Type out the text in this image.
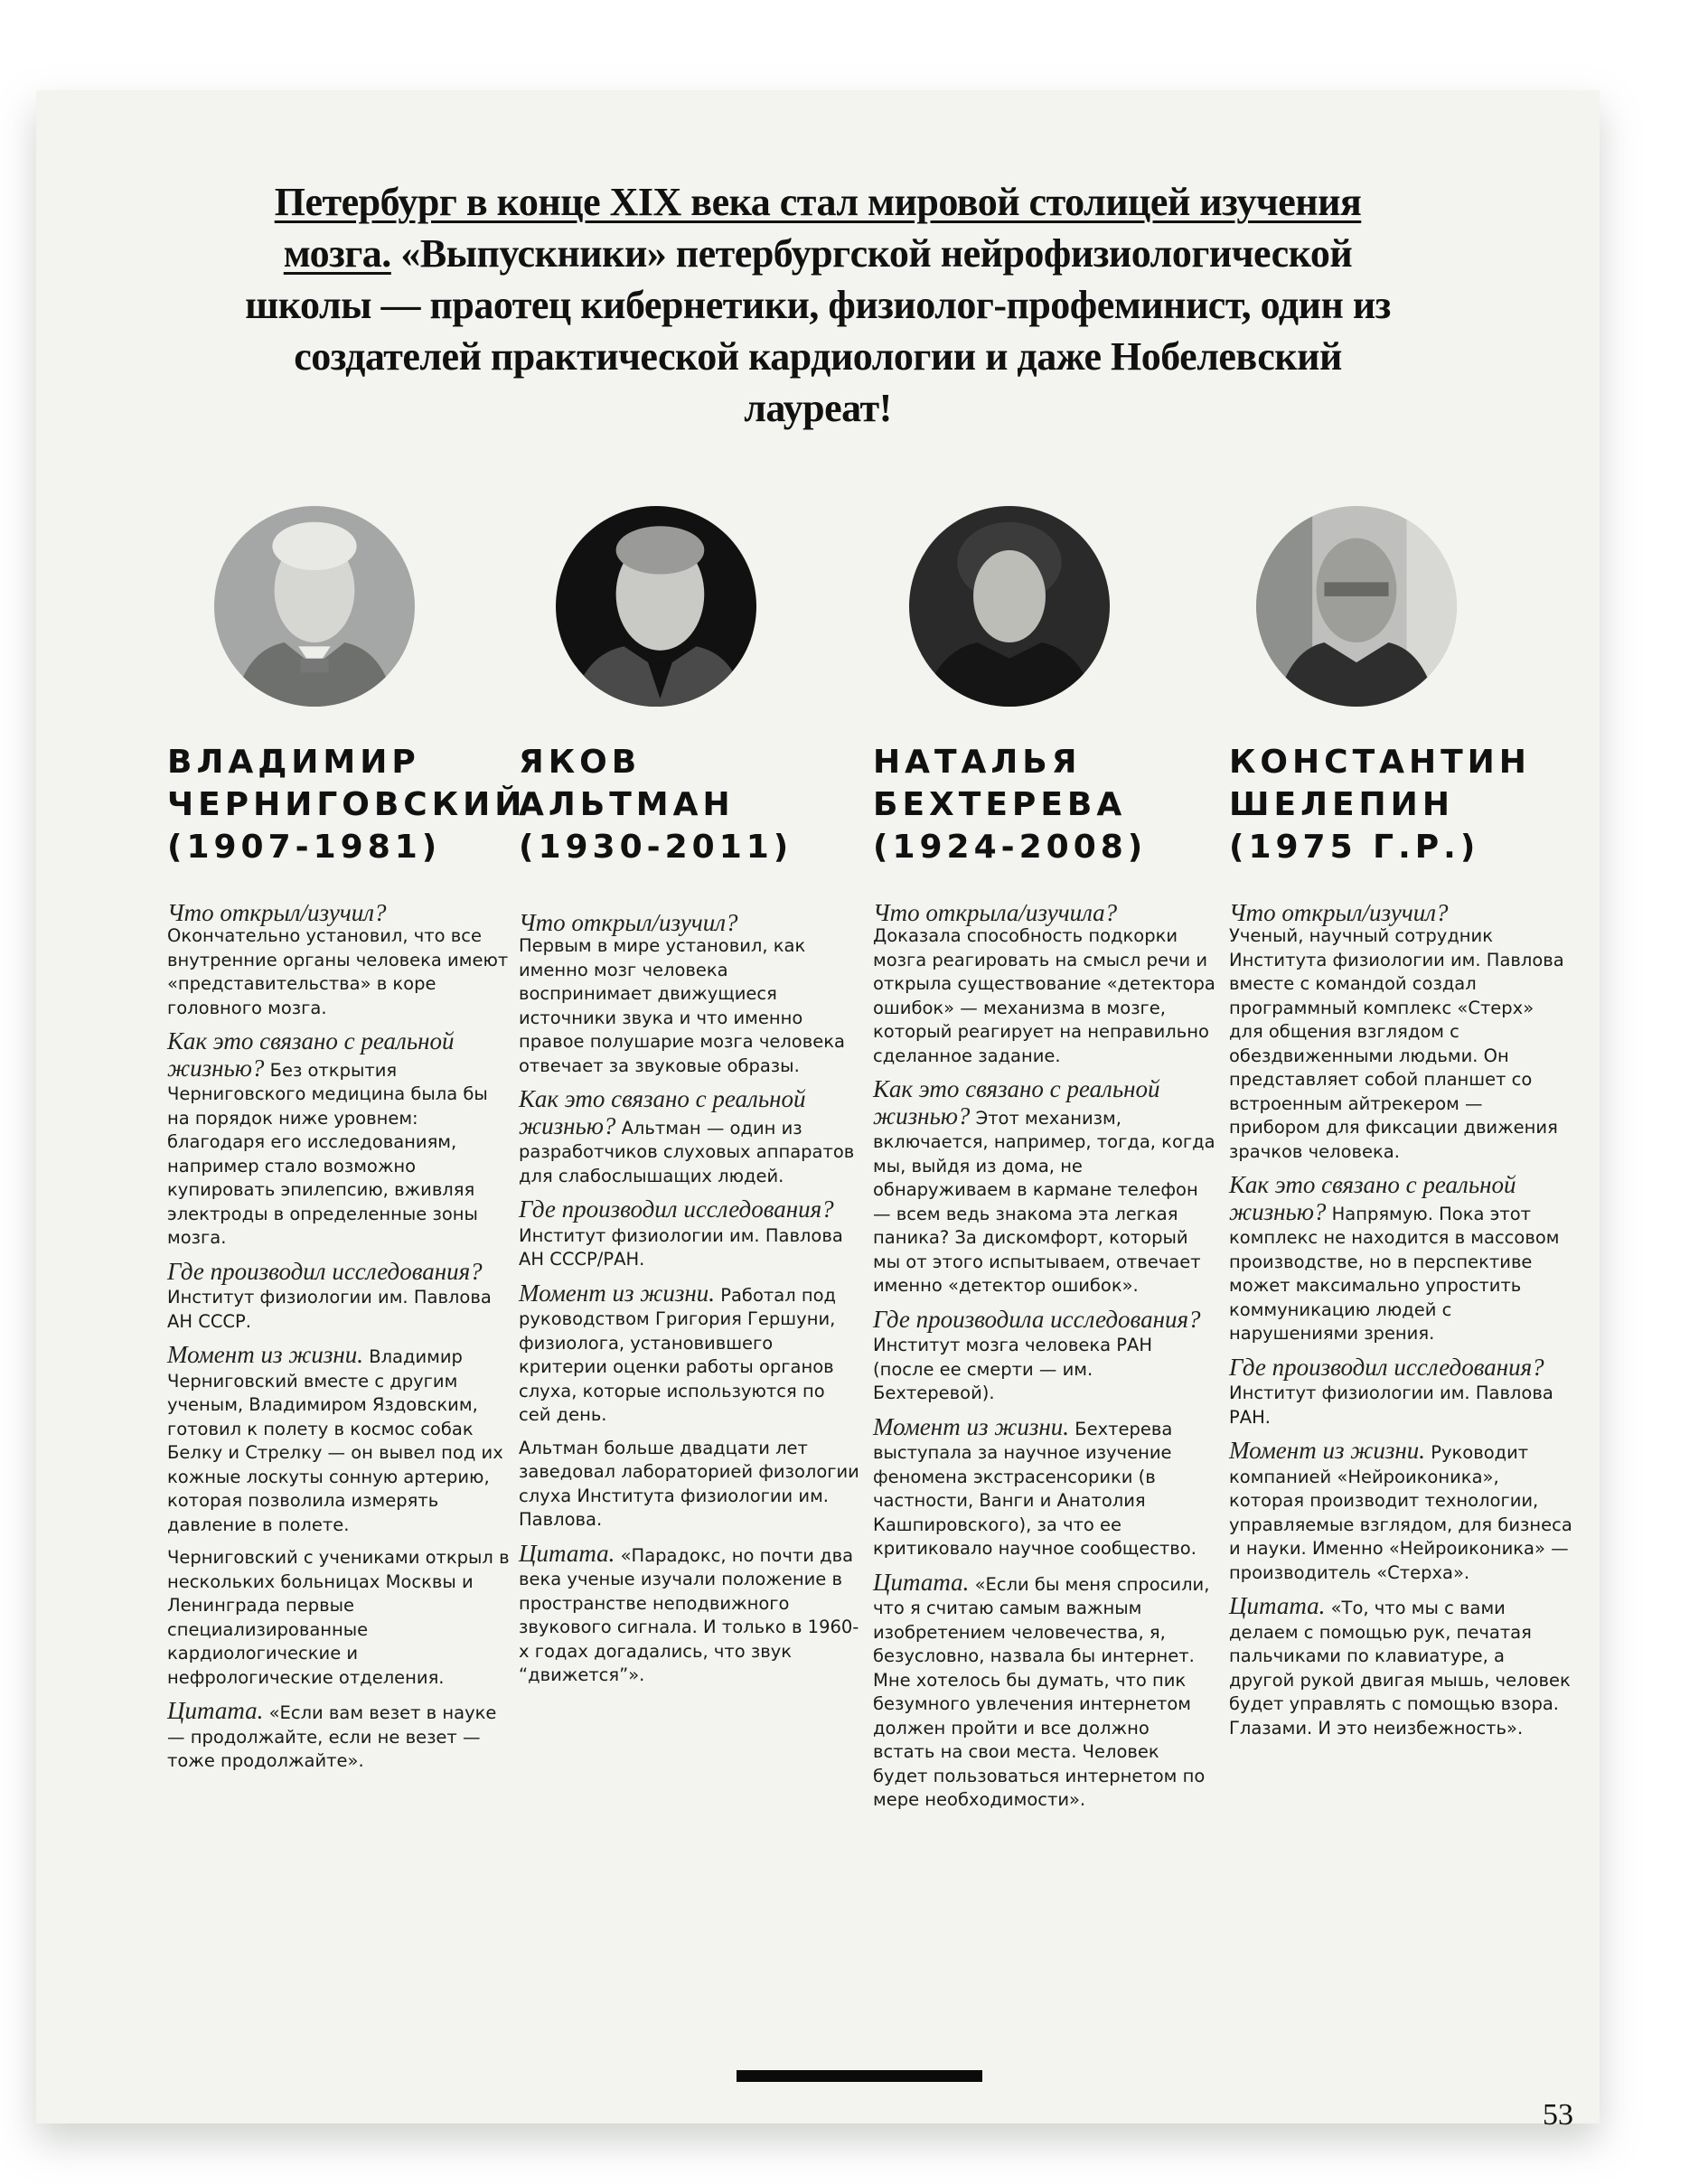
Петербург в конце XIX века стал мировой столицей изучения мозга. «Выпускники» петербургской нейрофизиологической школы — праотец кибернетики, физиолог-профеминист, один из создателей практической кардиологии и даже Нобелевский лауреат!
ВЛАДИМИР
ЧЕРНИГОВСКИЙ
(1907-1981)

Что открыл/изучил?
Окончательно установил, что все внутренние органы человека имеют «представительства» в коре головного мозга.

Как это связано с реальной жизнью? Без открытия Черниговского медицина была бы на порядок ниже уровнем: благодаря его исследованиям, например стало возможно купировать эпилепсию, вживляя электроды в определенные зоны мозга.

Где производил исследования? Институт физиологии им. Павлова АН СССР.

Момент из жизни. Владимир Черниговский вместе с другим ученым, Владимиром Яздовским, готовил к полету в космос собак Белку и Стрелку — он вывел под их кожные лоскуты сонную артерию, которая позволила измерять давление в полете.

Черниговский с учениками открыл в нескольких больницах Москвы и Ленинграда первые специализированные кардиологические и нефрологические отделения.

Цитата. «Если вам везет в науке — продолжайте, если не везет — тоже продолжайте».

ЯКОВ АЛЬТМАН
(1930-2011)

Что открыл/изучил?
Первым в мире установил, как именно мозг человека воспринимает движущиеся источники звука и что именно правое полушарие мозга человека отвечает за звуковые образы.

Как это связано с реальной жизнью? Альтман — один из разработчиков слуховых аппаратов для слабослышащих людей.

Где производил исследования? Институт физиологии им. Павлова АН СССР/РАН.

Момент из жизни. Работал под руководством Григория Гершуни, физиолога, установившего критерии оценки работы органов слуха, которые используются по сей день.

Альтман больше двадцати лет заведовал лабораторией физологии слуха Института физиологии им. Павлова.

Цитата. «Парадокс, но почти два века ученые изучали положение в пространстве неподвижного звукового сигнала. И только в 1960-х годах догадались, что звук “движется”».

НАТАЛЬЯ
БЕХТЕРЕВА
(1924-2008)

Что открыла/изучила?
Доказала способность подкорки мозга реагировать на смысл речи и открыла существование «детектора ошибок» — механизма в мозге, который реагирует на неправильно сделанное задание.

Как это связано с реальной жизнью? Этот механизм, включается, например, тогда, когда мы, выйдя из дома, не обнаруживаем в кармане телефон — всем ведь знакома эта легкая паника? За дискомфорт, который мы от этого испытываем, отвечает именно «детектор ошибок».

Где производила исследования? Институт мозга человека РАН (после ее смерти — им. Бехтеревой).

Момент из жизни. Бехтерева выступала за научное изучение феномена экстрасенсорики (в частности, Ванги и Анатолия Кашпировского), за что ее критиковало научное сообщество.

Цитата. «Если бы меня спросили, что я считаю самым важным изобретением человечества, я, безусловно, назвала бы интернет. Мне хотелось бы думать, что пик безумного увлечения интернетом должен пройти и все должно встать на свои места. Человек будет пользоваться интернетом по мере необходимости».

КОНСТАНТИН
ШЕЛЕПИН
(1975 Г.Р.)

Что открыл/изучил?
Ученый, научный сотрудник Института физиологии им. Павлова вместе с командой создал программный комплекс «Стерх» для общения взглядом с обездвиженными людьми. Он представляет собой планшет со встроенным айтрекером — прибором для фиксации движения зрачков человека.

Как это связано с реальной жизнью? Напрямую. Пока этот комплекс не находится в массовом производстве, но в перспективе может максимально упростить коммуникацию людей с нарушениями зрения.

Где производил исследования? Институт физиологии им. Павлова РАН.

Момент из жизни. Руководит компанией «Нейроиконика», которая производит технологии, управляемые взглядом, для бизнеса и науки. Именно «Нейроиконика» — производитель «Стерха».

Цитата. «То, что мы с вами делаем с помощью рук, печатая пальчиками по клавиатуре, а другой рукой двигая мышь, человек будет управлять с помощью взора. Глазами. И это неизбежность».

53
